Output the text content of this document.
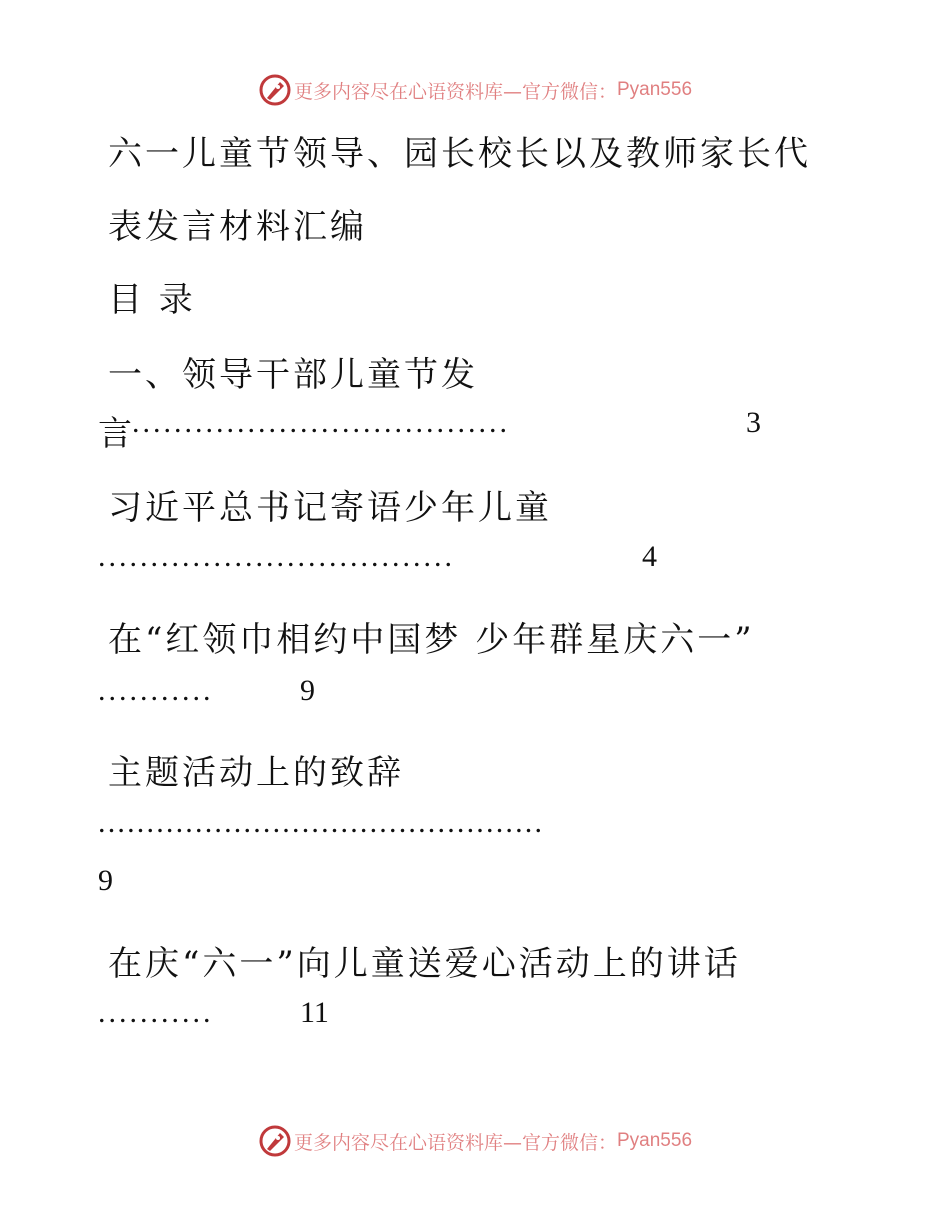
更多内容尽在心语资料库 —官方微信： Pyan556
六一儿童节领导、园长校长以及教师家长代
表发言材料汇编
目 录
一、领导干部儿童节发
言
....................................	3
习近平总书记寄语少年儿童
..................................	4
在“红领巾相约中国梦 少年群星庆六一”
...........	9
主题活动上的致辞
..............................................
9
在庆“六一”向儿童送爱心活动上的讲话
...........	11
更多内容尽在心语资料库 —官方微信： Pyan556
